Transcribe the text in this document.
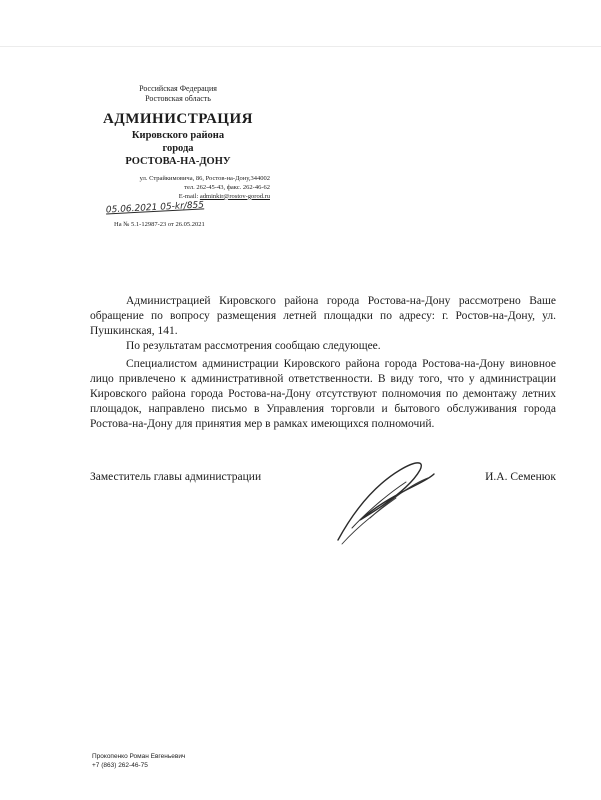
Российская Федерация
Ростовская область
АДМИНИСТРАЦИЯ
Кировского района
города
РОСТОВА-НА-ДОНУ
ул. Страйкимовича, 86, Ростов-на-Дону,344002
тел. 262-45-43, факс. 262-46-62
E-mail: adminkir@rostov-gorod.ru
05.06.2021 05-kr/855
На № 5.1-12987-23 от 26.05.2021

Администрацией Кировского района города Ростова-на-Дону рассмотрено Ваше обращение по вопросу размещения летней площадки по адресу: г. Ростов-на-Дону, ул. Пушкинская, 141.

По результатам рассмотрения сообщаю следующее.

Специалистом администрации Кировского района города Ростова-на-Дону виновное лицо привлечено к административной ответственности. В виду того, что у администрации Кировского района города Ростова-на-Дону отсутствуют полномочия по демонтажу летних площадок, направлено письмо в Управления торговли и бытового обслуживания города Ростова-на-Дону для принятия мер в рамках имеющихся полномочий.

Заместитель главы администрации	И.А. Семенюк
Прокопенко Роман Евгеньевич
+7 (863) 262-46-75
